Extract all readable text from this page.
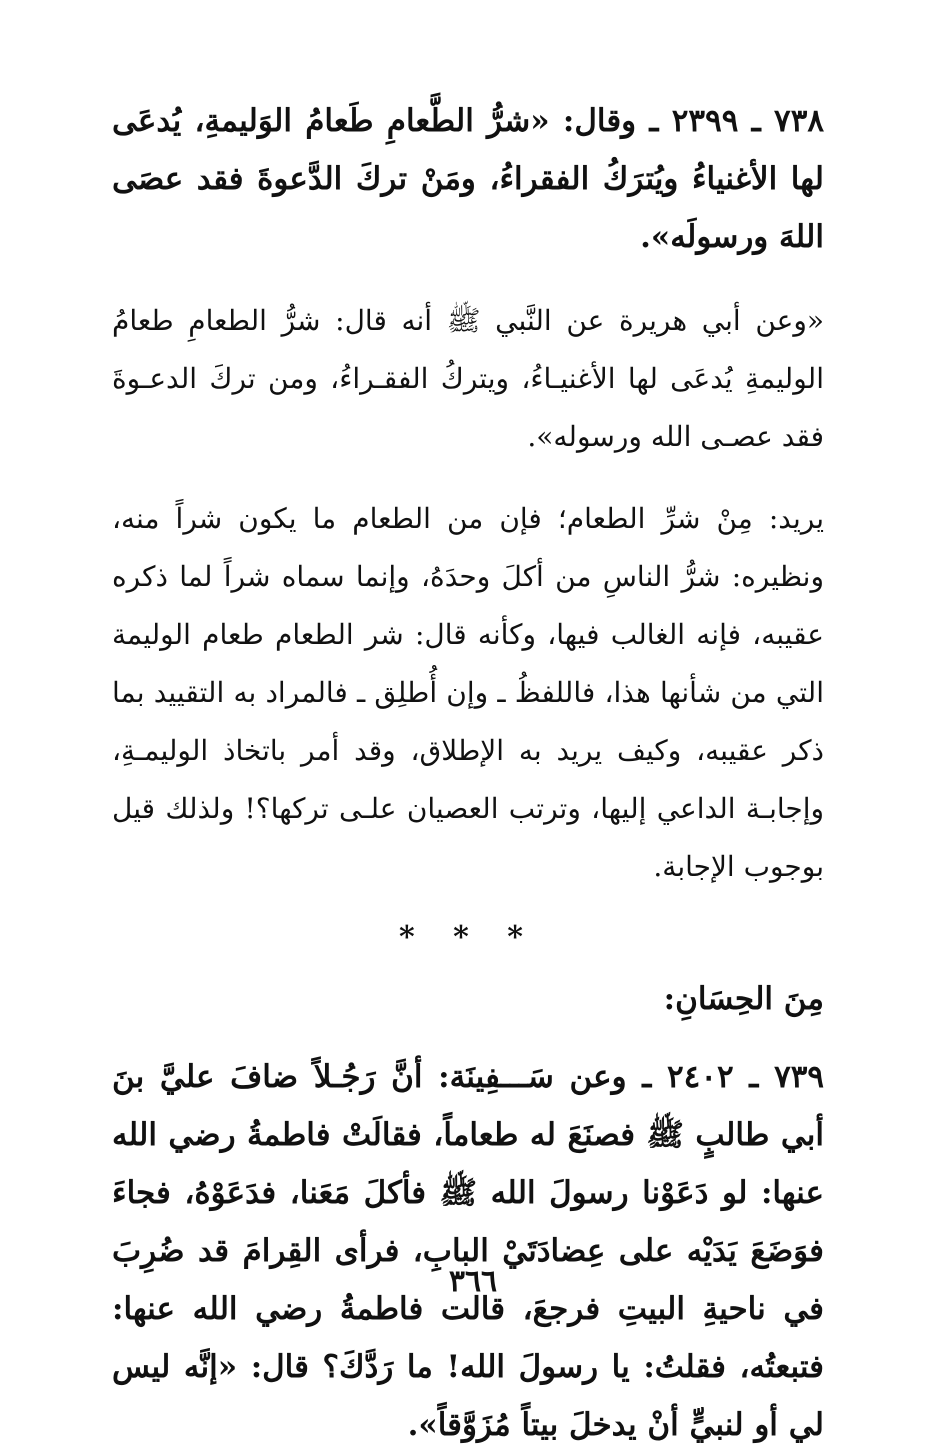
٧٣٨ ـ ٢٣٩٩ ـ وقال: «شرُّ الطَّعامِ طَعامُ الوَليمةِ، يُدعَى لها الأغنياءُ ويُترَكُ الفقراءُ، ومَنْ تركَ الدَّعوةَ فقد عصَى اللهَ ورسولَه».

«وعن أبي هريرة عن النَّبي ﷺ أنه قال: شرُّ الطعامِ طعامُ الوليمةِ يُدعَى لها الأغنيـاءُ، ويتركُ الفقـراءُ، ومن تركَ الدعـوةَ فقد عصـى الله ورسوله».

يريد: مِنْ شرِّ الطعام؛ فإن من الطعام ما يكون شراً منه، ونظيره: شرُّ الناسِ من أكلَ وحدَهُ، وإنما سماه شراً لما ذكره عقيبه، فإنه الغالب فيها، وكأنه قال: شر الطعام طعام الوليمة التي من شأنها هذا، فاللفظُ ـ وإن أُطلِق ـ فالمراد به التقييد بما ذكر عقيبه، وكيف يريد به الإطلاق، وقد أمر باتخاذ الوليمـةِ، وإجابـة الداعي إليها، وترتب العصيان علـى تركها؟! ولذلك قيل بوجوب الإجابة.

* * *
مِنَ الحِسَانِ:

٧٣٩ ـ ٢٤٠٢ ـ وعن سَـــفِينَة: أنَّ رَجُـلاً ضافَ عليَّ بنَ أبي طالبٍ ﷺ فصنَعَ له طعاماً، فقالَتْ فاطمةُ رضي الله عنها: لو دَعَوْنا رسولَ الله ﷺ فأكلَ مَعَنا، فدَعَوْهُ، فجاءَ فوَضَعَ يَدَيْه على عِضادَتَيْ البابِ، فرأى القِرامَ قد ضُرِبَ في ناحيةِ البيتِ فرجعَ، قالت فاطمةُ رضي الله عنها: فتبعتُه، فقلتُ: يا رسولَ الله! ما رَدَّكَ؟ قال: «إنَّه ليس لي أو لنبيٍّ أنْ يدخلَ بيتاً مُزَوَّقاً».

٣٦٦
